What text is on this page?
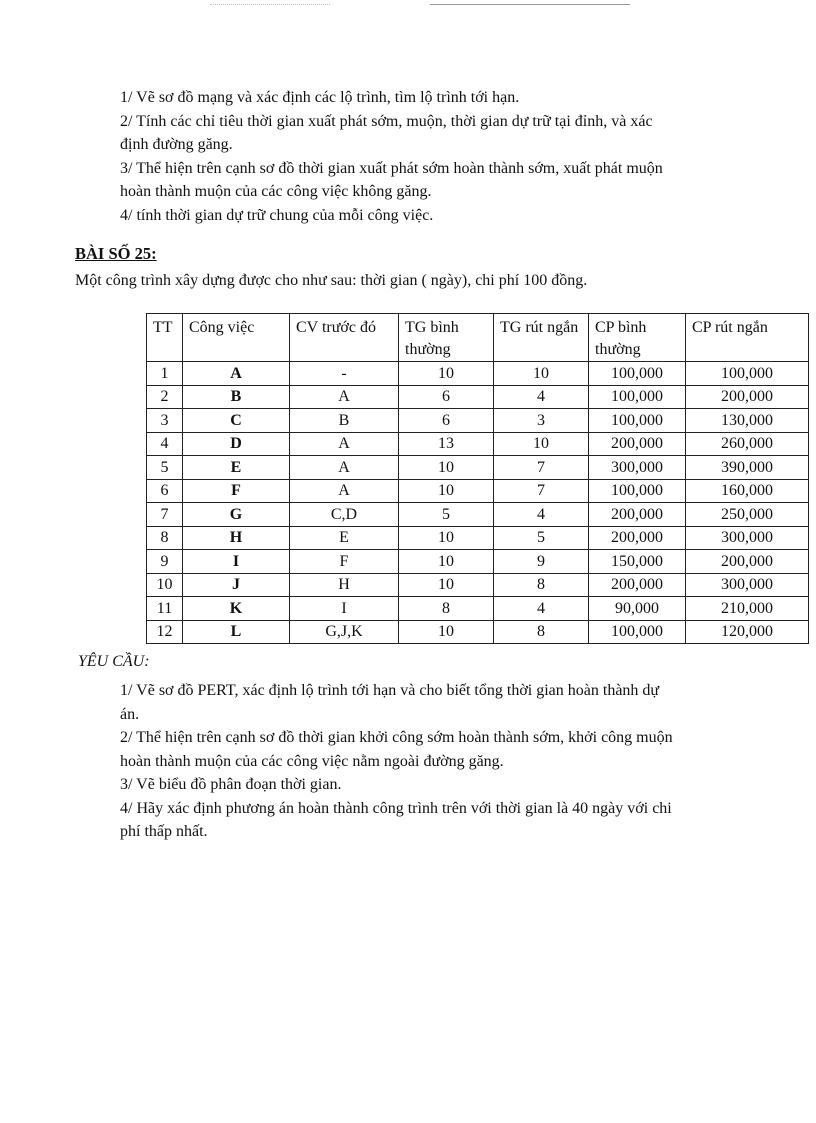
1/ Vẽ sơ đồ mạng và xác định các lộ trình, tìm lộ trình tới hạn.

2/ Tính các chỉ tiêu thời gian xuất phát sớm, muộn, thời gian dự trữ tại đỉnh, và xác

định đường găng.

3/ Thể hiện trên cạnh sơ đồ thời gian xuất phát sớm hoàn thành sớm, xuất phát muộn

hoàn thành muộn của các công việc không găng.

4/ tính thời gian dự trữ chung của mỗi công việc.

BÀI SỐ 25:
Một công trình xây dựng được cho như sau: thời gian ( ngày), chi phí 100 đồng.
TT	Công việc	CV trước đó	TG bình thường	TG rút ngắn	CP bình thường	CP rút ngắn
1	A	-	10	10	100,000	100,000
2	B	A	6	4	100,000	200,000
3	C	B	6	3	100,000	130,000
4	D	A	13	10	200,000	260,000
5	E	A	10	7	300,000	390,000
6	F	A	10	7	100,000	160,000
7	G	C,D	5	4	200,000	250,000
8	H	E	10	5	200,000	300,000
9	I	F	10	9	150,000	200,000
10	J	H	10	8	200,000	300,000
11	K	I	8	4	90,000	210,000
12	L	G,J,K	10	8	100,000	120,000
YÊU CẦU:

1/ Vẽ sơ đồ PERT, xác định lộ trình tới hạn và cho biết tổng thời gian hoàn thành dự

án.

2/ Thể hiện trên cạnh sơ đồ thời gian khởi công sớm hoàn thành sớm, khởi công muộn

hoàn thành muộn của các công việc nằm ngoài đường găng.

3/ Vẽ biểu đồ phân đoạn thời gian.

4/ Hãy xác định phương án hoàn thành công trình trên với thời gian là 40 ngày với chi

phí thấp nhất.
